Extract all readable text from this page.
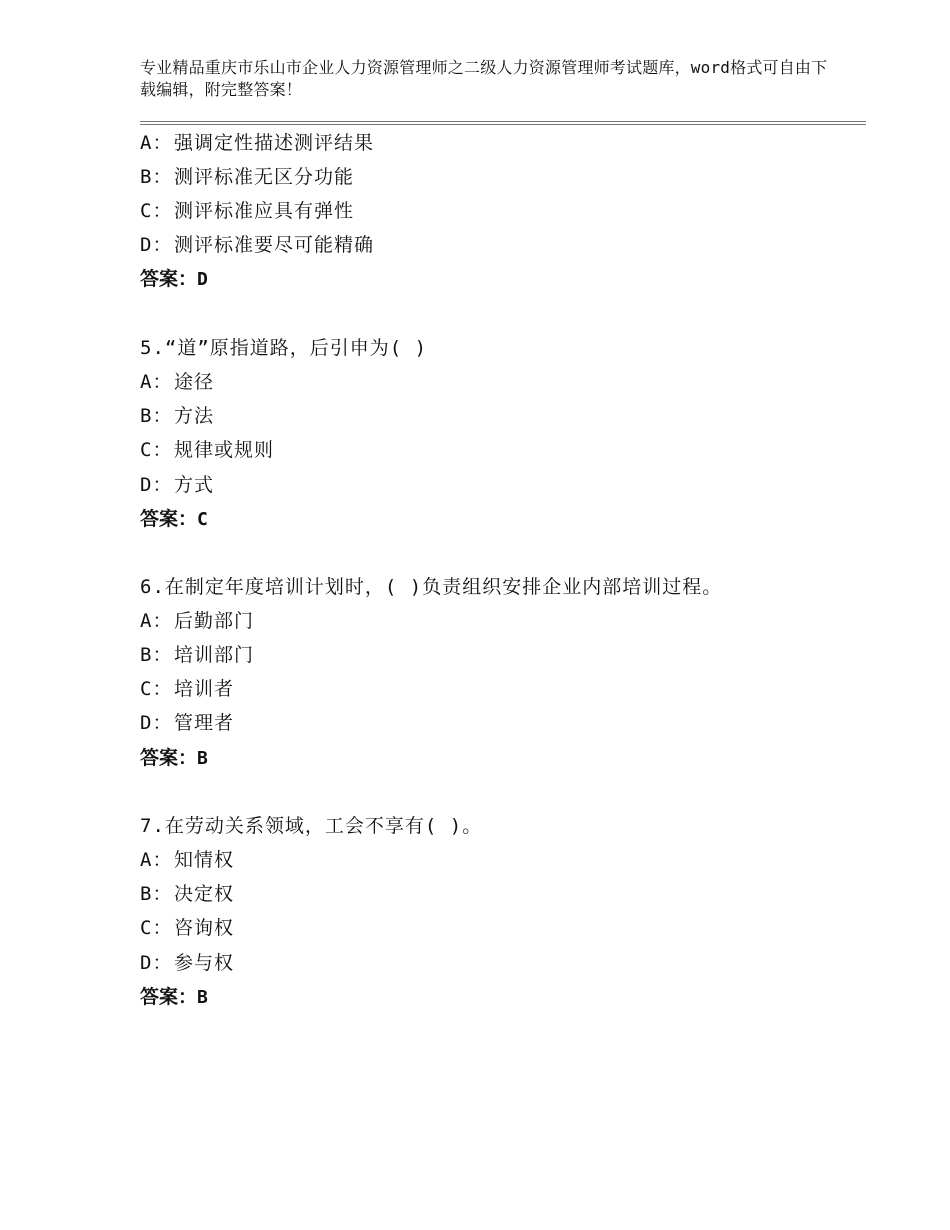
专业精品重庆市乐山市企业人力资源管理师之二级人力资源管理师考试题库，word格式可自由下载编辑，附完整答案！
A：强调定性描述测评结果
B：测评标准无区分功能
C：测评标准应具有弹性
D：测评标准要尽可能精确
答案：D
5.“道”原指道路，后引申为( )
A：途径
B：方法
C：规律或规则
D：方式
答案：C
6.在制定年度培训计划时，( )负责组织安排企业内部培训过程。
A：后勤部门
B：培训部门
C：培训者
D：管理者
答案：B
7.在劳动关系领域，工会不享有( )。
A：知情权
B：决定权
C：咨询权
D：参与权
答案：B
